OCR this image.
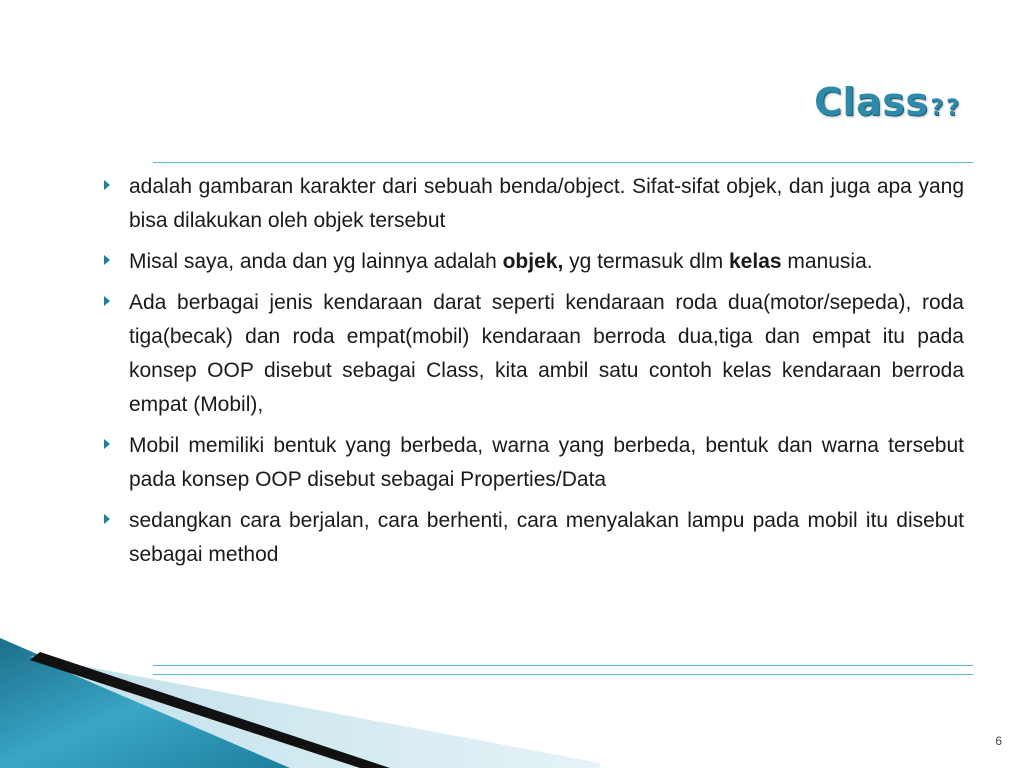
Class??
adalah gambaran karakter dari sebuah benda/object. Sifat-sifat objek, dan juga apa yang bisa dilakukan oleh objek tersebut
Misal saya, anda dan yg lainnya adalah objek, yg termasuk dlm kelas manusia.
Ada berbagai jenis kendaraan darat seperti kendaraan roda dua(motor/sepeda), roda tiga(becak) dan roda empat(mobil) kendaraan berroda dua,tiga dan empat itu pada konsep OOP disebut sebagai Class, kita ambil satu contoh kelas kendaraan berroda empat (Mobil),
Mobil memiliki bentuk yang berbeda, warna yang berbeda, bentuk dan warna tersebut pada konsep OOP disebut sebagai Properties/Data
sedangkan cara berjalan, cara berhenti, cara menyalakan lampu pada mobil itu disebut sebagai method
6
